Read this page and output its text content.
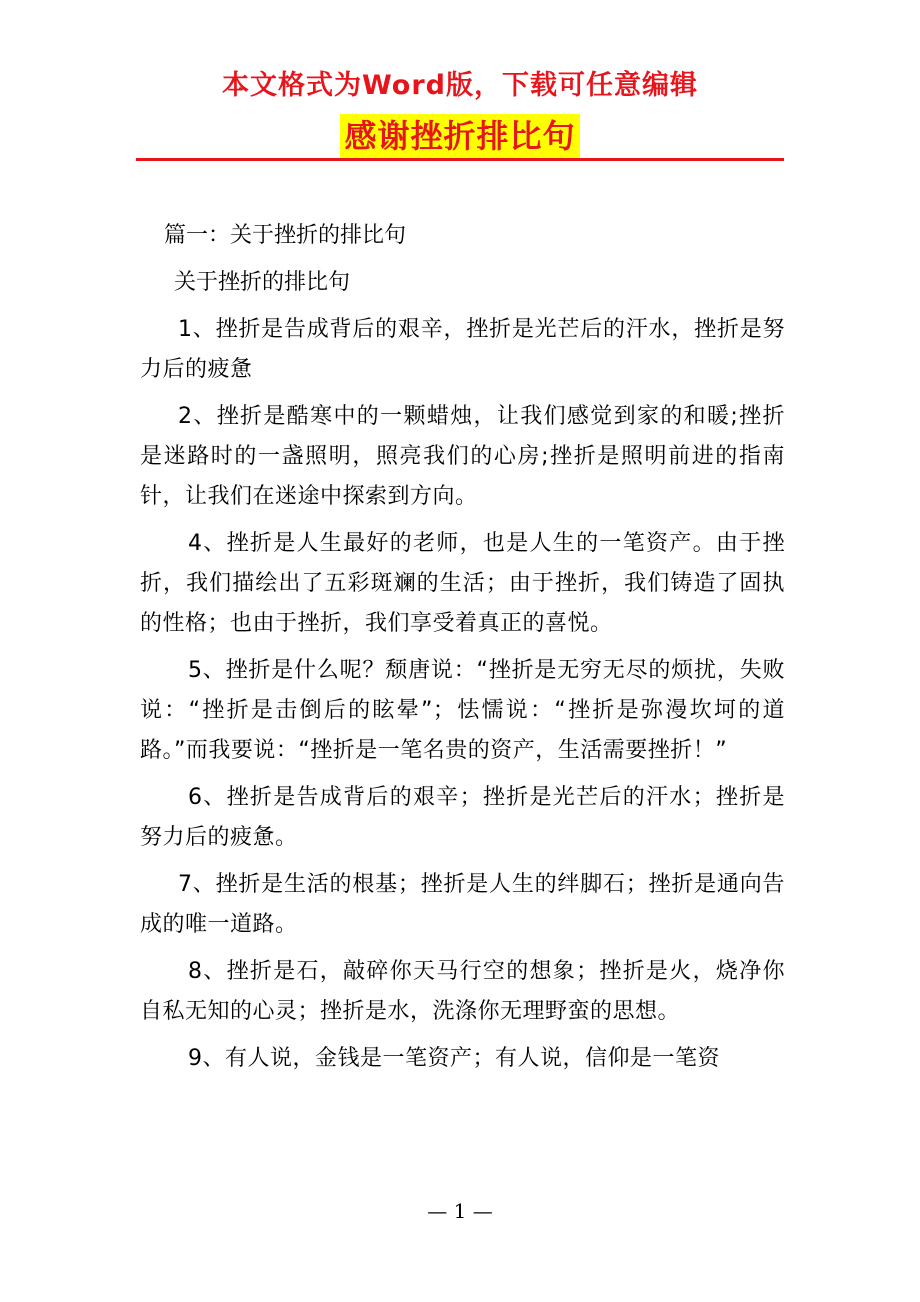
本文格式为Word版，下载可任意编辑
感谢挫折排比句

篇一：关于挫折的排比句

关于挫折的排比句

1、挫折是告成背后的艰辛，挫折是光芒后的汗水，挫折是努力后的疲惫

2、挫折是酷寒中的一颗蜡烛，让我们感觉到家的和暖;挫折是迷路时的一盏照明，照亮我们的心房;挫折是照明前进的指南针，让我们在迷途中探索到方向。

4、挫折是人生最好的老师，也是人生的一笔资产。由于挫折，我们描绘出了五彩斑斓的生活；由于挫折，我们铸造了固执的性格；也由于挫折，我们享受着真正的喜悦。

5、挫折是什么呢？颓唐说：“挫折是无穷无尽的烦扰，失败说：“挫折是击倒后的眩晕”；怯懦说：“挫折是弥漫坎坷的道路。”而我要说：“挫折是一笔名贵的资产，生活需要挫折！”

6、挫折是告成背后的艰辛；挫折是光芒后的汗水；挫折是努力后的疲惫。

7、挫折是生活的根基；挫折是人生的绊脚石；挫折是通向告成的唯一道路。

8、挫折是石，敲碎你天马行空的想象；挫折是火，烧净你自私无知的心灵；挫折是水，洗涤你无理野蛮的思想。

9、有人说，金钱是一笔资产；有人说，信仰是一笔资

— 1 —
